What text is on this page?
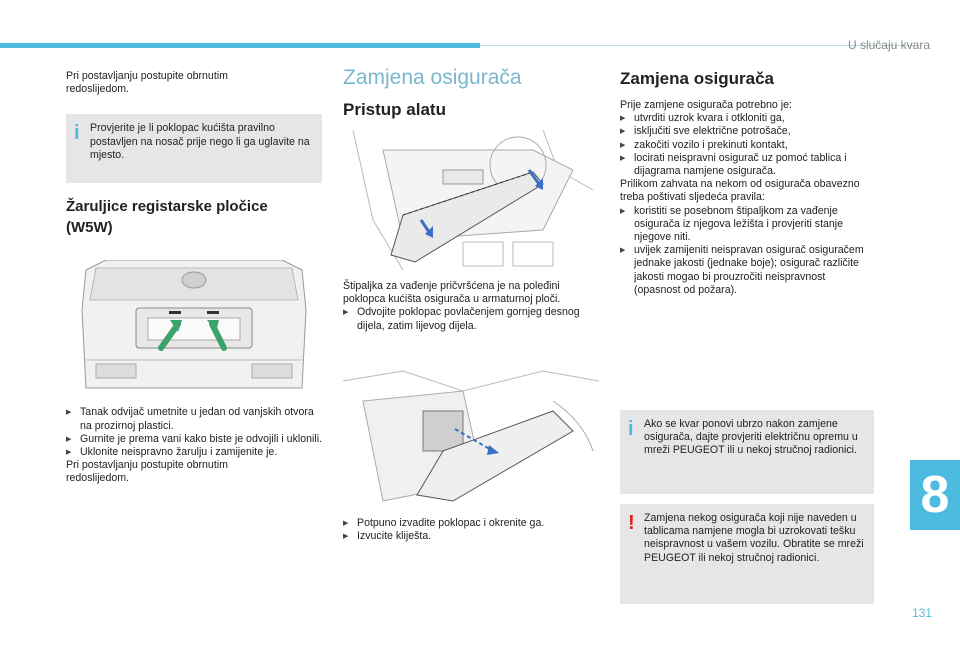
U slučaju kvara

Pri postavljanju postupite obrnutim redoslijedom.

i Provjerite je li poklopac kućišta pravilno postavljen na nosač prije nego li ga uglavite na mjesto.

Žaruljice registarske pločice (W5W)
▶ Tanak odvijač umetnite u jedan od vanjskih otvora na prozirnoj plastici.
▶ Gurnite je prema vani kako biste je odvojili i uklonili.
▶ Uklonite neispravno žarulju i zamijenite je.

Pri postavljanju postupite obrnutim redoslijedom.

Zamjena osigurača
Pristup alatu

Štipaljka za vađenje pričvršćena je na poleđini poklopca kućišta osigurača u armaturnoj ploči.

▶ Odvojite poklopac povlačenjem gornjeg desnog dijela, zatim lijevog dijela.
▶ Potpuno izvadite poklopac i okrenite ga.
▶ Izvucite kliješta.
Zamjena osigurača

Prije zamjene osigurača potrebno je:

▶ utvrditi uzrok kvara i otkloniti ga,
▶ isključiti sve električne potrošače,
▶ zakočiti vozilo i prekinuti kontakt,
▶ locirati neispravni osigurač uz pomoć tablica i dijagrama namjene osigurača.

Prilikom zahvata na nekom od osigurača obavezno treba poštivati sljedeća pravila:

▶ koristiti se posebnom štipaljkom za vađenje osigurača iz njegova ležišta i provjeriti stanje njegove niti.
▶ uvijek zamijeniti neispravan osigurač osiguračem jednake jakosti (jednake boje); osigurač različite jakosti mogao bi prouzročiti neispravnost (opasnost od požara).
i Ako se kvar ponovi ubrzo nakon zamjene osigurača, dajte provjeriti električnu opremu u mreži PEUGEOT ili u nekoj stručnoj radionici.

! Zamjena nekog osigurača koji nije naveden u tablicama namjene mogla bi uzrokovati tešku neispravnost u vašem vozilu. Obratite se mreži PEUGEOT ili nekoj stručnoj radionici.

8
131
